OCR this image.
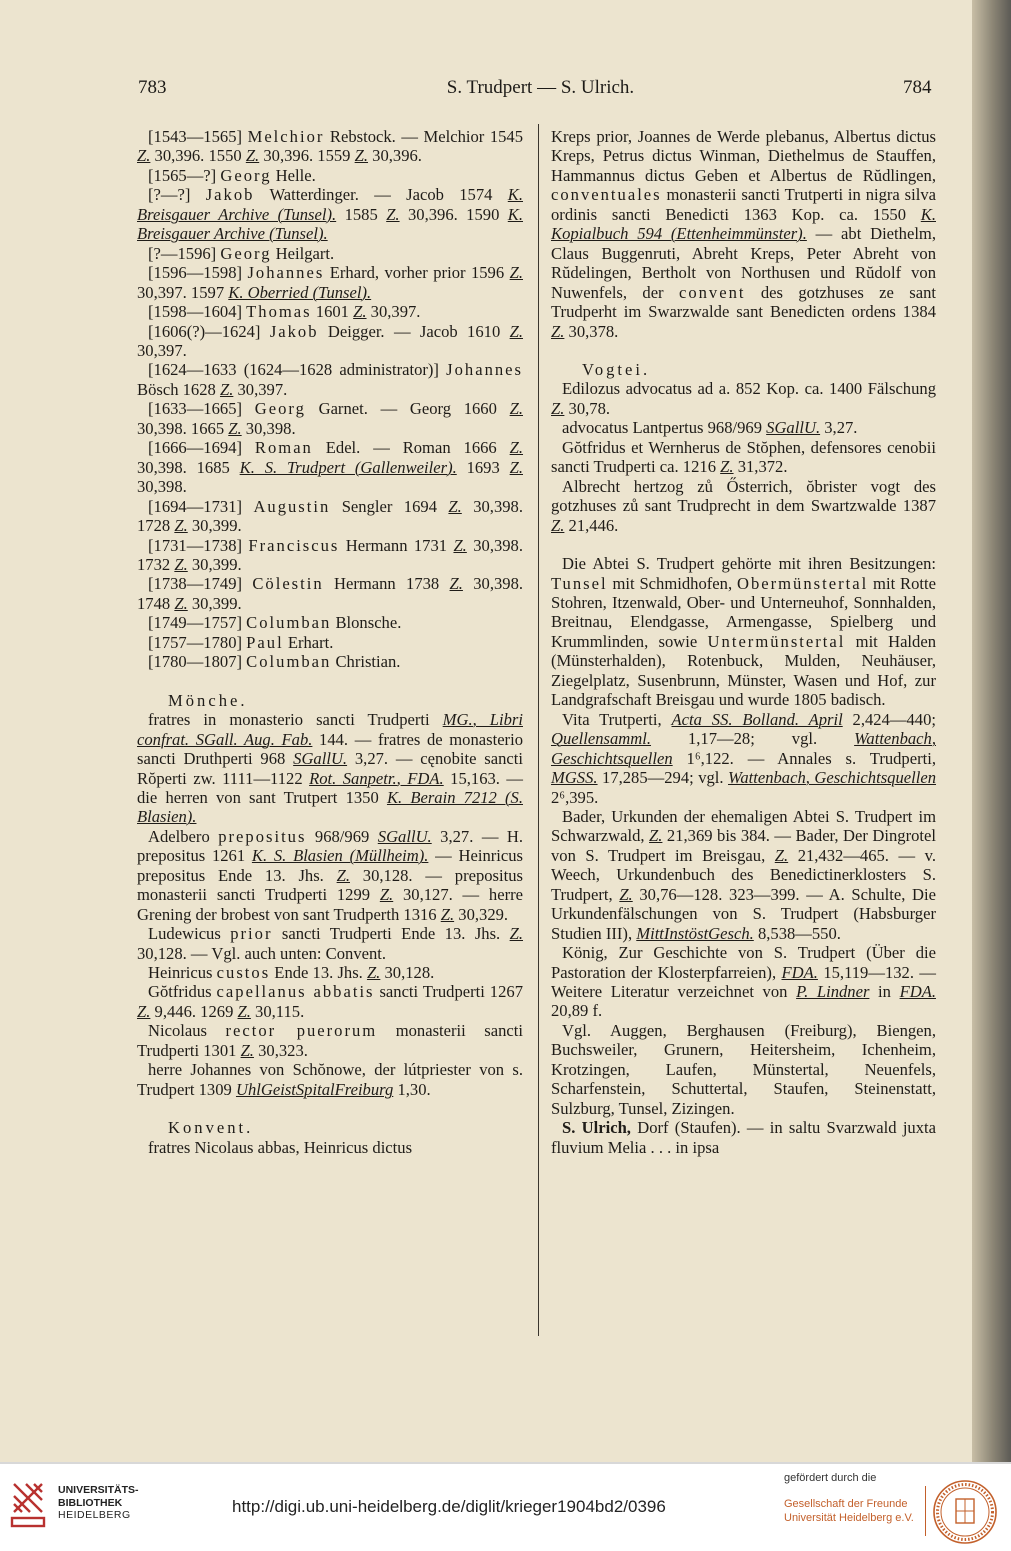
783	S. Trudpert — S. Ulrich.	784

[1543—1565] Melchior Rebstock. — Melchior 1545 Z. 30,396. 1550 Z. 30,396. 1559 Z. 30,396.

[1565—?] Georg Helle.

[?—?] Jakob Watterdinger. — Jacob 1574 K. Breisgauer Archive (Tunsel). 1585 Z. 30,396. 1590 K. Breisgauer Archive (Tunsel).

[?—1596] Georg Heilgart.

[1596—1598] Johannes Erhard, vorher prior 1596 Z. 30,397. 1597 K. Oberried (Tunsel).

[1598—1604] Thomas 1601 Z. 30,397.

[1606(?)—1624] Jakob Deigger. — Jacob 1610 Z. 30,397.

[1624—1633 (1624—1628 administrator)] Johannes Bösch 1628 Z. 30,397.

[1633—1665] Georg Garnet. — Georg 1660 Z. 30,398. 1665 Z. 30,398.

[1666—1694] Roman Edel. — Roman 1666 Z. 30,398. 1685 K. S. Trudpert (Gallenweiler). 1693 Z. 30,398.

[1694—1731] Augustin Sengler 1694 Z. 30,398. 1728 Z. 30,399.

[1731—1738] Franciscus Hermann 1731 Z. 30,398. 1732 Z. 30,399.

[1738—1749] Cölestin Hermann 1738 Z. 30,398. 1748 Z. 30,399.

[1749—1757] Columban Blonsche.

[1757—1780] Paul Erhart.

[1780—1807] Columban Christian.

Mönche.

fratres in monasterio sancti Trudperti MG., Libri confrat. SGall. Aug. Fab. 144. — fratres de monasterio sancti Druthperti 968 SGallU. 3,27. — cęnobite sancti Rŏperti zw. 1111—1122 Rot. Sanpetr., FDA. 15,163. — die herren von sant Trutpert 1350 K. Berain 7212 (S. Blasien).

Adelbero prepositus 968/969 SGallU. 3,27. — H. prepositus 1261 K. S. Blasien (Müllheim). — Heinricus prepositus Ende 13. Jhs. Z. 30,128. — prepositus monasterii sancti Trudperti 1299 Z. 30,127. — herre Grening der brobest von sant Trudperth 1316 Z. 30,329.

Ludewicus prior sancti Trudperti Ende 13. Jhs. Z. 30,128. — Vgl. auch unten: Convent.

Heinricus custos Ende 13. Jhs. Z. 30,128.

Gŏtfridus capellanus abbatis sancti Trudperti 1267 Z. 9,446. 1269 Z. 30,115.

Nicolaus rector puerorum monasterii sancti Trudperti 1301 Z. 30,323.

herre Johannes von Schŏnowe, der lútpriester von s. Trudpert 1309 UhlGeistSpitalFreiburg 1,30.

Konvent.

fratres Nicolaus abbas, Heinricus dictus

Kreps prior, Joannes de Werde plebanus, Albertus dictus Kreps, Petrus dictus Winman, Diethelmus de Stauffen, Hammannus dictus Geben et Albertus de Rŭdlingen, conventuales monasterii sancti Trutperti in nigra silva ordinis sancti Benedicti 1363 Kop. ca. 1550 K. Kopialbuch 594 (Ettenheimmünster). — abt Diethelm, Claus Buggenruti, Abreht Kreps, Peter Abreht von Rŭdelingen, Bertholt von Northusen und Rŭdolf von Nuwenfels, der convent des gotzhuses ze sant Trudperht im Swarzwalde sant Benedicten ordens 1384 Z. 30,378.

Vogtei.

Edilozus advocatus ad a. 852 Kop. ca. 1400 Fälschung Z. 30,78.

advocatus Lantpertus 968/969 SGallU. 3,27.

Gŏtfridus et Wernherus de Stŏphen, defensores cenobii sancti Trudperti ca. 1216 Z. 31,372.

Albrecht hertzog zů Ősterrich, ŏbrister vogt des gotzhuses zů sant Trudprecht in dem Swartzwalde 1387 Z. 21,446.

Die Abtei S. Trudpert gehörte mit ihren Besitzungen: Tunsel mit Schmidhofen, Obermünstertal mit Rotte Stohren, Itzenwald, Ober- und Unterneuhof, Sonnhalden, Breitnau, Elendgasse, Armengasse, Spielberg und Krummlinden, sowie Untermünstertal mit Halden (Münsterhalden), Rotenbuck, Mulden, Neuhäuser, Ziegelplatz, Susenbrunn, Münster, Wasen und Hof, zur Landgrafschaft Breisgau und wurde 1805 badisch.

Vita Trutperti, Acta SS. Bolland. April 2,424—440; Quellensamml. 1,17—28; vgl. Wattenbach, Geschichtsquellen 1⁶,122. — Annales s. Trudperti, MGSS. 17,285—294; vgl. Wattenbach, Geschichtsquellen 2⁶,395.

Bader, Urkunden der ehemaligen Abtei S. Trudpert im Schwarzwald, Z. 21,369 bis 384. — Bader, Der Dingrotel von S. Trudpert im Breisgau, Z. 21,432—465. — v. Weech, Urkundenbuch des Benedictinerklosters S. Trudpert, Z. 30,76—128. 323—399. — A. Schulte, Die Urkundenfälschungen von S. Trudpert (Habsburger Studien III), MittInstöstGesch. 8,538—550.

König, Zur Geschichte von S. Trudpert (Über die Pastoration der Klosterpfarreien), FDA. 15,119—132. — Weitere Literatur verzeichnet von P. Lindner in FDA. 20,89 f.

Vgl. Auggen, Berghausen (Freiburg), Biengen, Buchsweiler, Grunern, Heitersheim, Ichenheim, Krotzingen, Laufen, Münstertal, Neuenfels, Scharfenstein, Schuttertal, Staufen, Steinenstatt, Sulzburg, Tunsel, Zizingen.

S. Ulrich, Dorf (Staufen). — in saltu Svarzwald juxta fluvium Melia . . . in ipsa

UNIVERSITÄTS-
BIBLIOTHEK
HEIDELBERG	http://digi.ub.uni-heidelberg.de/diglit/krieger1904bd2/0396
gefördert durch die
Gesellschaft der Freunde
Universität Heidelberg e.V.
